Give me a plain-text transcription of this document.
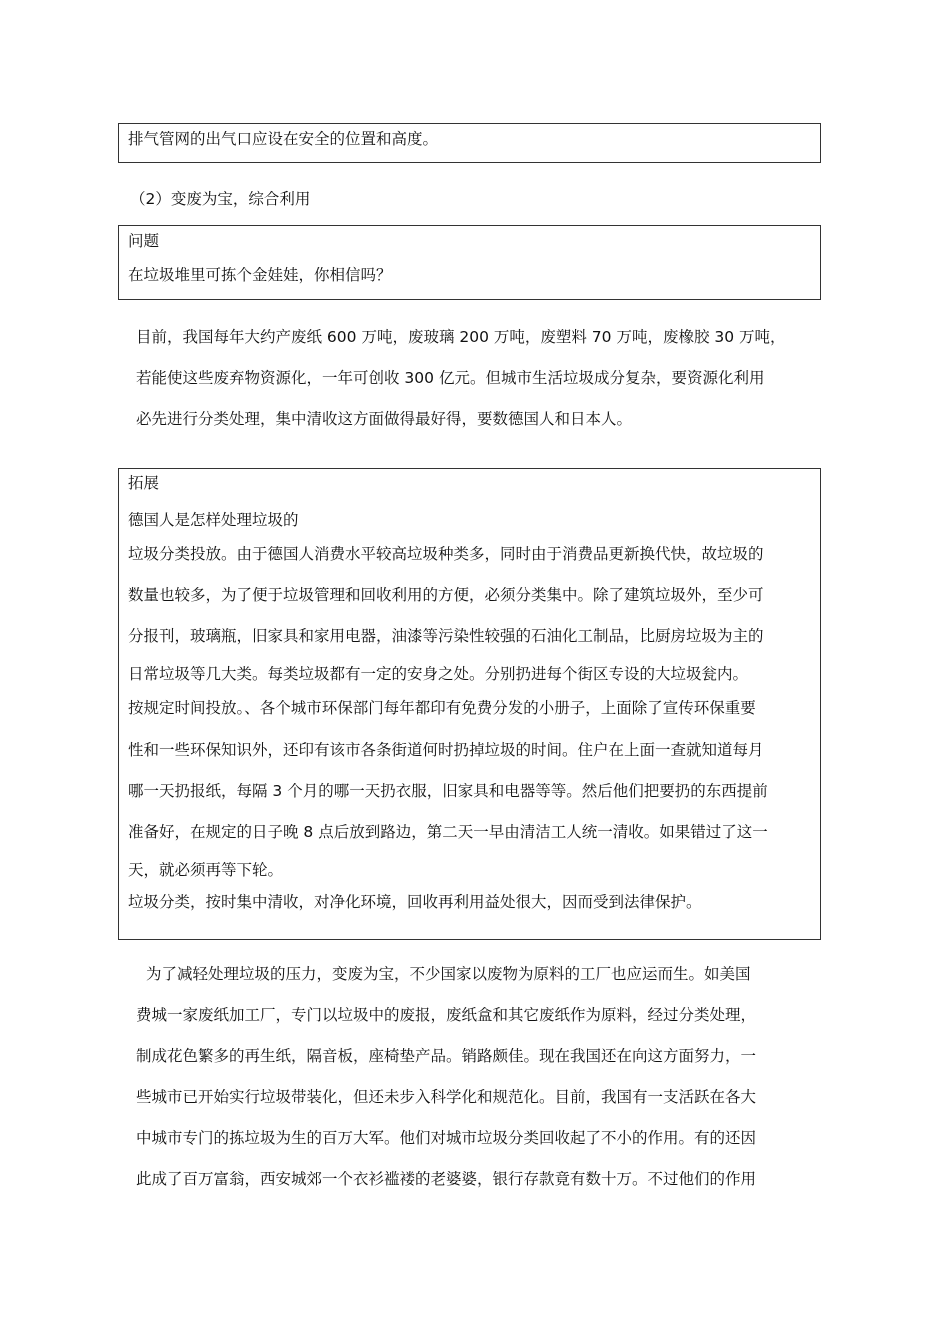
排气管网的出气口应设在安全的位置和高度。
（2）变废为宝，综合利用
问题
在垃圾堆里可拣个金娃娃，你相信吗？
目前，我国每年大约产废纸 600 万吨，废玻璃 200 万吨，废塑料 70 万吨，废橡胶 30 万吨，
若能使这些废弃物资源化，一年可创收 300 亿元。但城市生活垃圾成分复杂，要资源化利用
必先进行分类处理，集中清收这方面做得最好得，要数德国人和日本人。
拓展
德国人是怎样处理垃圾的
垃圾分类投放。由于德国人消费水平较高垃圾种类多，同时由于消费品更新换代快，故垃圾的
数量也较多，为了便于垃圾管理和回收利用的方便，必须分类集中。除了建筑垃圾外，至少可
分报刊，玻璃瓶，旧家具和家用电器，油漆等污染性较强的石油化工制品，比厨房垃圾为主的
日常垃圾等几大类。每类垃圾都有一定的安身之处。分别扔进每个街区专设的大垃圾瓮内。
按规定时间投放。、各个城市环保部门每年都印有免费分发的小册子，上面除了宣传环保重要
性和一些环保知识外，还印有该市各条街道何时扔掉垃圾的时间。住户在上面一查就知道每月
哪一天扔报纸，每隔 3 个月的哪一天扔衣服，旧家具和电器等等。然后他们把要扔的东西提前
准备好，在规定的日子晚 8 点后放到路边，第二天一早由清洁工人统一清收。如果错过了这一
天，就必须再等下轮。
垃圾分类，按时集中清收，对净化环境，回收再利用益处很大，因而受到法律保护。
为了减轻处理垃圾的压力，变废为宝，不少国家以废物为原料的工厂也应运而生。如美国
费城一家废纸加工厂，专门以垃圾中的废报，废纸盒和其它废纸作为原料，经过分类处理，
制成花色繁多的再生纸，隔音板，座椅垫产品。销路颇佳。现在我国还在向这方面努力，一
些城市已开始实行垃圾带装化，但还未步入科学化和规范化。目前，我国有一支活跃在各大
中城市专门的拣垃圾为生的百万大军。他们对城市垃圾分类回收起了不小的作用。有的还因
此成了百万富翁，西安城郊一个衣衫褴褛的老婆婆，银行存款竟有数十万。不过他们的作用
